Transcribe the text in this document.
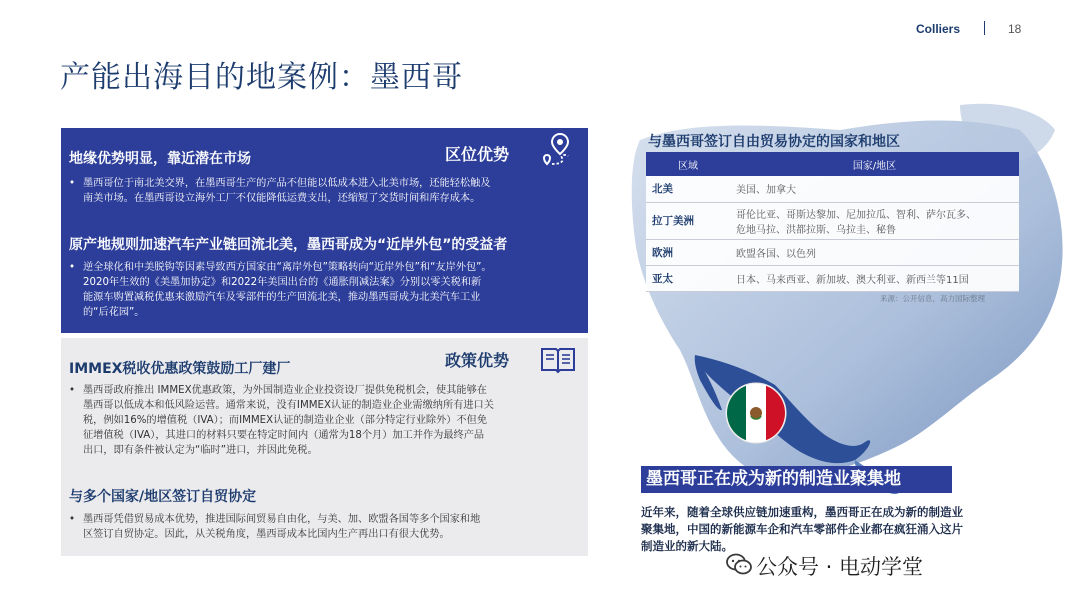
Colliers	18
产能出海目的地案例：墨西哥
地缘优势明显，靠近潜在市场	区位优势
• 墨西哥位于南北美交界，在墨西哥生产的产品不但能以低成本进入北美市场，还能轻松触及
南美市场。在墨西哥设立海外工厂不仅能降低运费支出，还缩短了交货时间和库存成本。
原产地规则加速汽车产业链回流北美，墨西哥成为“近岸外包”的受益者
• 逆全球化和中美脱钩等因素导致西方国家由“离岸外包”策略转向“近岸外包”和“友岸外包”。
2020年生效的《美墨加协定》和2022年美国出台的《通胀削减法案》分别以零关税和新
能源车购置减税优惠来激励汽车及零部件的生产回流北美，推动墨西哥成为北美汽车工业
的“后花园”。
IMMEX税收优惠政策鼓励工厂建厂	政策优势
• 墨西哥政府推出 IMMEX优惠政策，为外国制造业企业投资设厂提供免税机会，使其能够在
墨西哥以低成本和低风险运营。通常来说，没有IMMEX认证的制造业企业需缴纳所有进口关
税，例如16%的增值税（IVA）；而IMMEX认证的制造业企业（部分特定行业除外）不但免
征增值税（IVA），其进口的材料只要在特定时间内（通常为18个月）加工并作为最终产品
出口，即有条件被认定为“临时”进口，并因此免税。
与多个国家/地区签订自贸协定
• 墨西哥凭借贸易成本优势，推进国际间贸易自由化，与美、加、欧盟各国等多个国家和地
区签订自贸协定。因此，从关税角度，墨西哥成本比国内生产再出口有很大优势。
与墨西哥签订自由贸易协定的国家和地区
区域	国家/地区
北美	美国、加拿大

拉丁美洲	哥伦比亚、哥斯达黎加、尼加拉瓜、智利、萨尔瓦多、
危地马拉、洪都拉斯、乌拉圭、秘鲁

欧洲	欧盟各国、以色列

亚太	日本、马来西亚、新加坡、澳大利亚、新西兰等11国
来源：公开信息，高力国际整理
墨西哥正在成为新的制造业聚集地
近年来，随着全球供应链加速重构，墨西哥正在成为新的制造业
聚集地，中国的新能源车企和汽车零部件企业都在疯狂涌入这片
制造业的新大陆。
公众号 · 电动学堂
